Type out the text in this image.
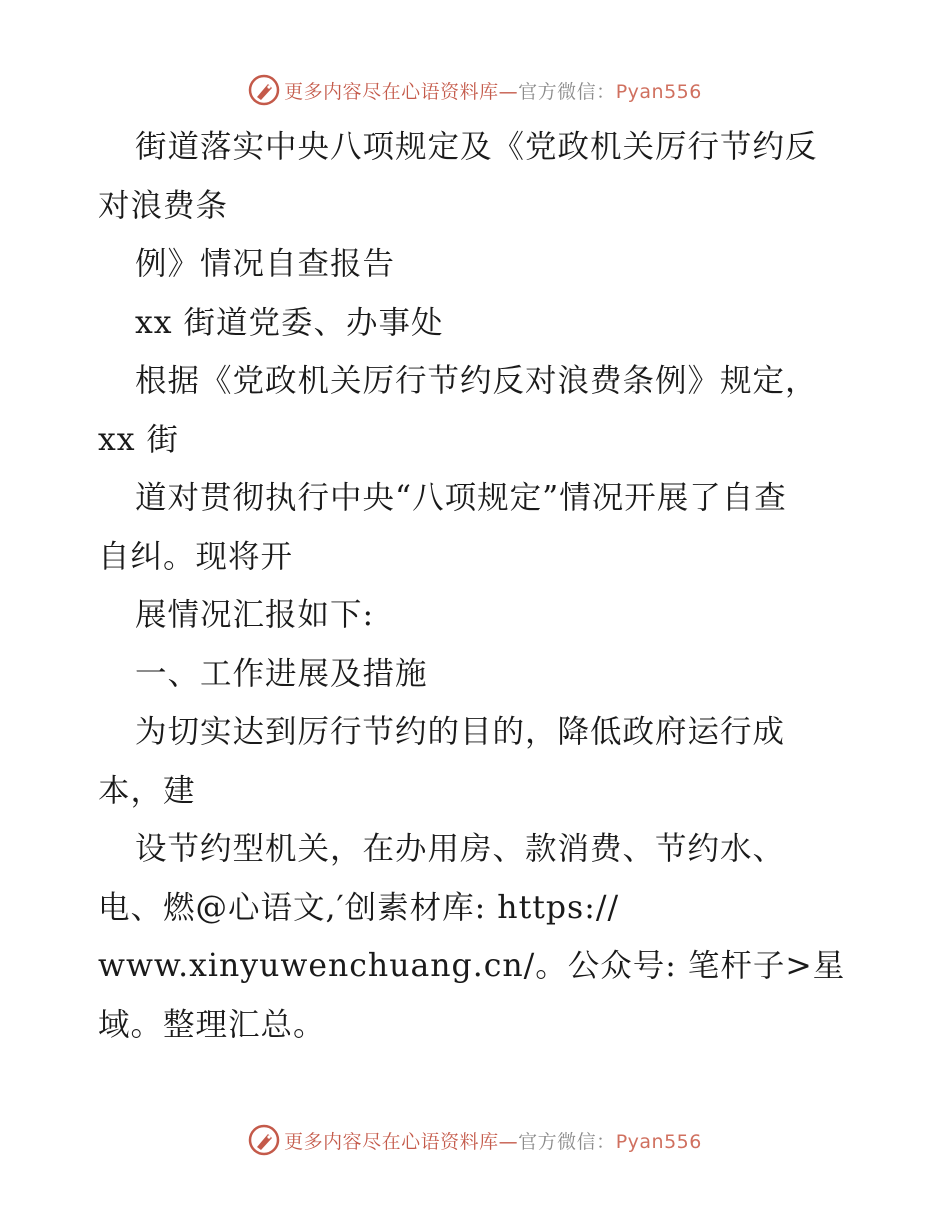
更多内容尽在心语资料库—官方微信：Pyan556
街道落实中央八项规定及《党政机关厉行节约反
对浪费条
例》情况自查报告
xx 街道党委、办事处
根据《党政机关厉行节约反对浪费条例》规定，
xx 街
道对贯彻执行中央“八项规定”情况开展了自查
自纠。现将开
展情况汇报如下:
一、工作进展及措施
为切实达到厉行节约的目的，降低政府运行成
本，建
设节约型机关，在办用房、款消费、节约水、
电、燃@心语文,′创素材库: https://
www.xinyuwenchuang.cn/。公众号: 笔杆子>星
域。整理汇总。
更多内容尽在心语资料库—官方微信：Pyan556
